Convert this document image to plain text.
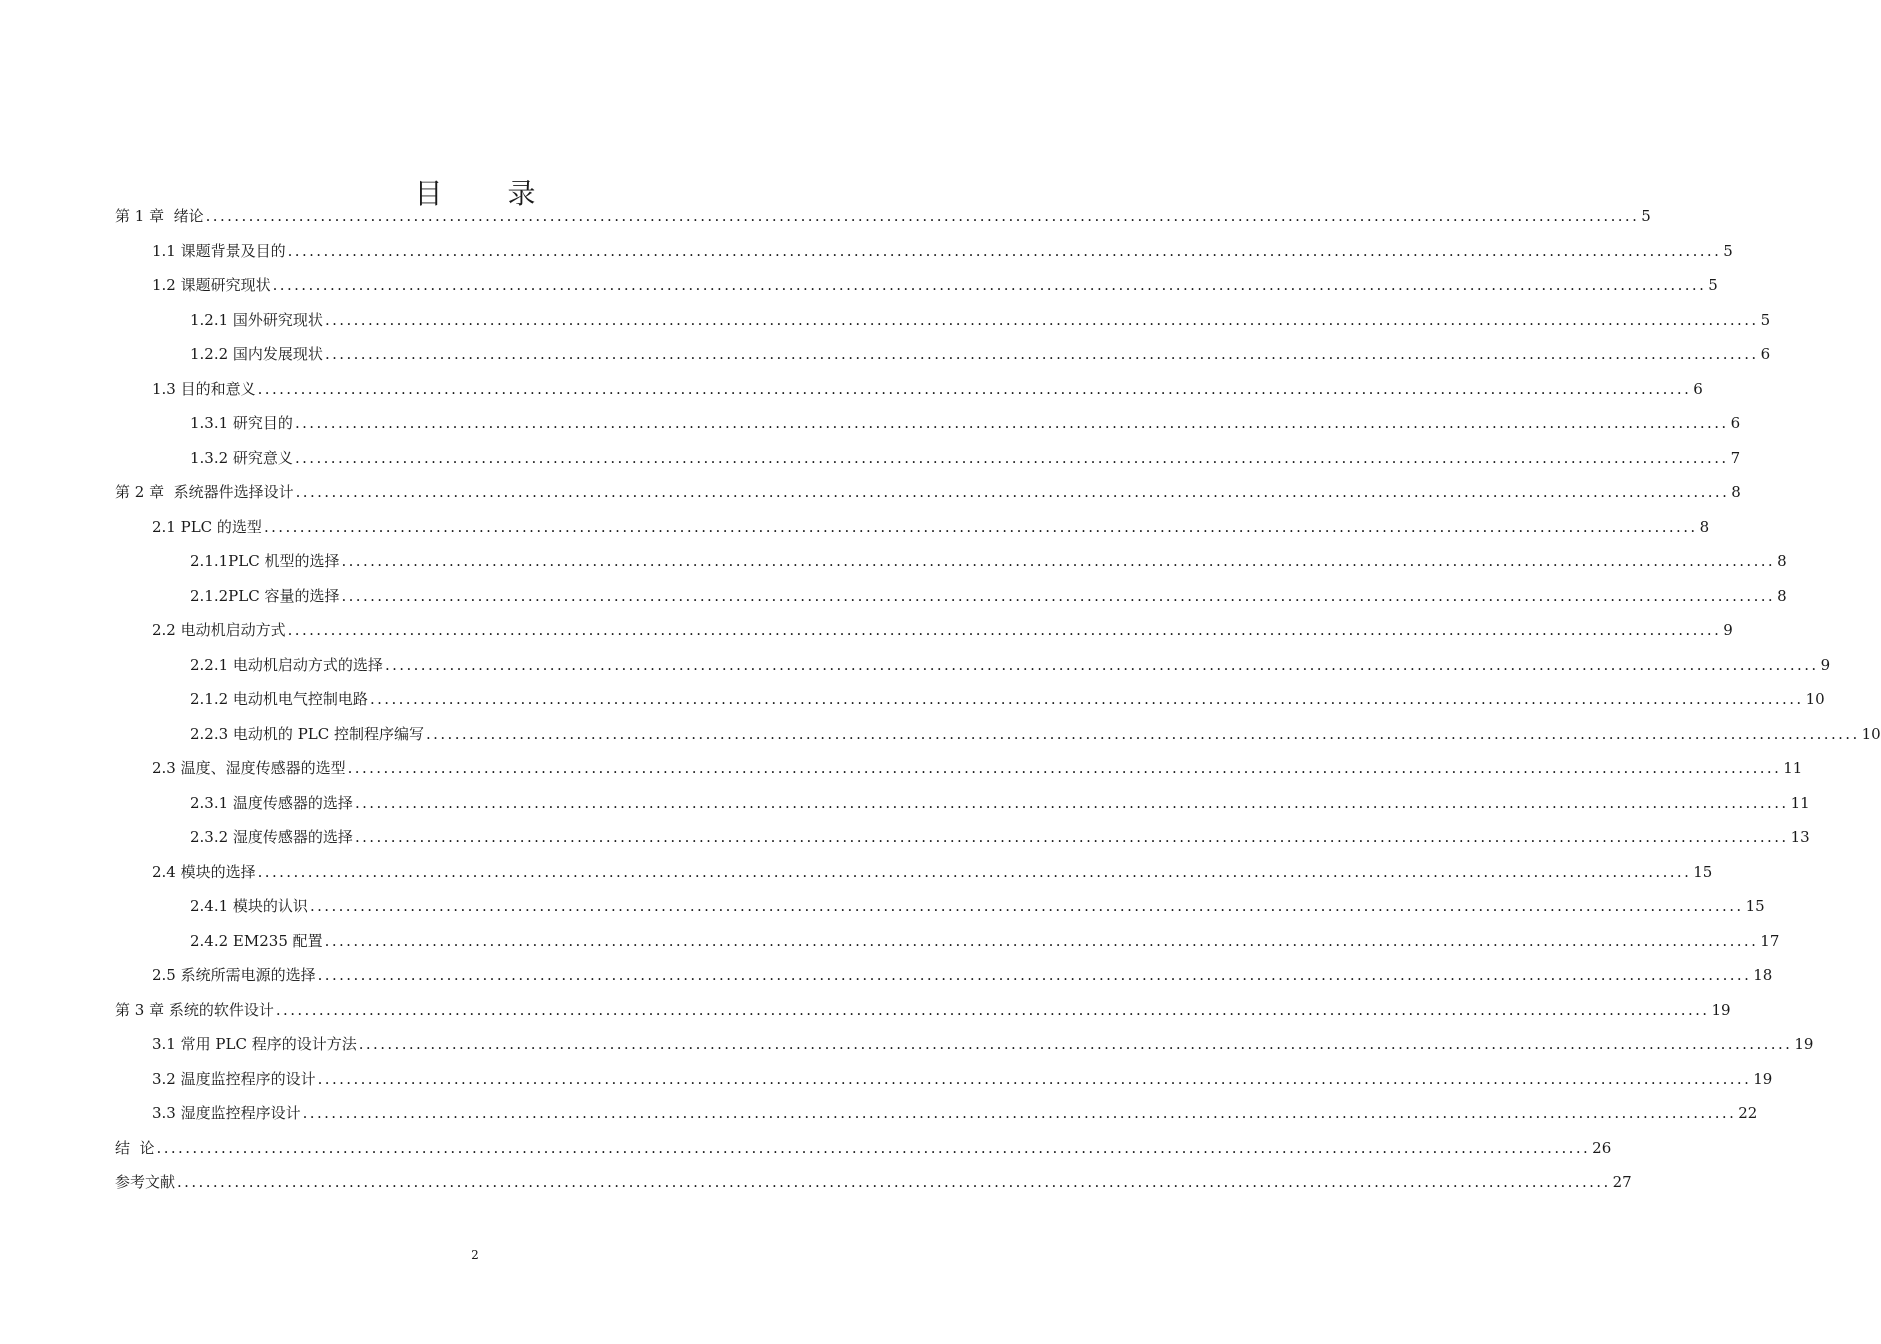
目 录
第 1 章  绪论 ........................................................................................................................................................................................................ 5
1.1 课题背景及目的 ........................................................................................................................................................................................................ 5
1.2 课题研究现状 ........................................................................................................................................................................................................ 5
1.2.1 国外研究现状 ........................................................................................................................................................................................................ 5
1.2.2 国内发展现状 ........................................................................................................................................................................................................ 6
1.3 目的和意义 ........................................................................................................................................................................................................ 6
1.3.1 研究目的 ........................................................................................................................................................................................................ 6
1.3.2 研究意义 ........................................................................................................................................................................................................ 7
第 2 章  系统器件选择设计 ........................................................................................................................................................................................................ 8
2.1 PLC 的选型 ........................................................................................................................................................................................................ 8
2.1.1PLC 机型的选择 ........................................................................................................................................................................................................ 8
2.1.2PLC 容量的选择 ........................................................................................................................................................................................................ 8
2.2 电动机启动方式 ........................................................................................................................................................................................................ 9
2.2.1 电动机启动方式的选择 ........................................................................................................................................................................................................ 9
2.1.2 电动机电气控制电路 ........................................................................................................................................................................................................ 10
2.2.3 电动机的 PLC 控制程序编写 ........................................................................................................................................................................................................ 10
2.3 温度、湿度传感器的选型 ........................................................................................................................................................................................................ 11
2.3.1 温度传感器的选择 ........................................................................................................................................................................................................ 11
2.3.2 湿度传感器的选择 ........................................................................................................................................................................................................ 13
2.4 模块的选择 ........................................................................................................................................................................................................ 15
2.4.1 模块的认识 ........................................................................................................................................................................................................ 15
2.4.2 EM235 配置 ........................................................................................................................................................................................................ 17
2.5 系统所需电源的选择 ........................................................................................................................................................................................................ 18
第 3 章 系统的软件设计 ........................................................................................................................................................................................................ 19
3.1 常用 PLC 程序的设计方法 ........................................................................................................................................................................................................ 19
3.2 温度监控程序的设计 ........................................................................................................................................................................................................ 19
3.3 湿度监控程序设计 ........................................................................................................................................................................................................ 22
结  论 ........................................................................................................................................................................................................ 26
参考文献 ........................................................................................................................................................................................................ 27
2
